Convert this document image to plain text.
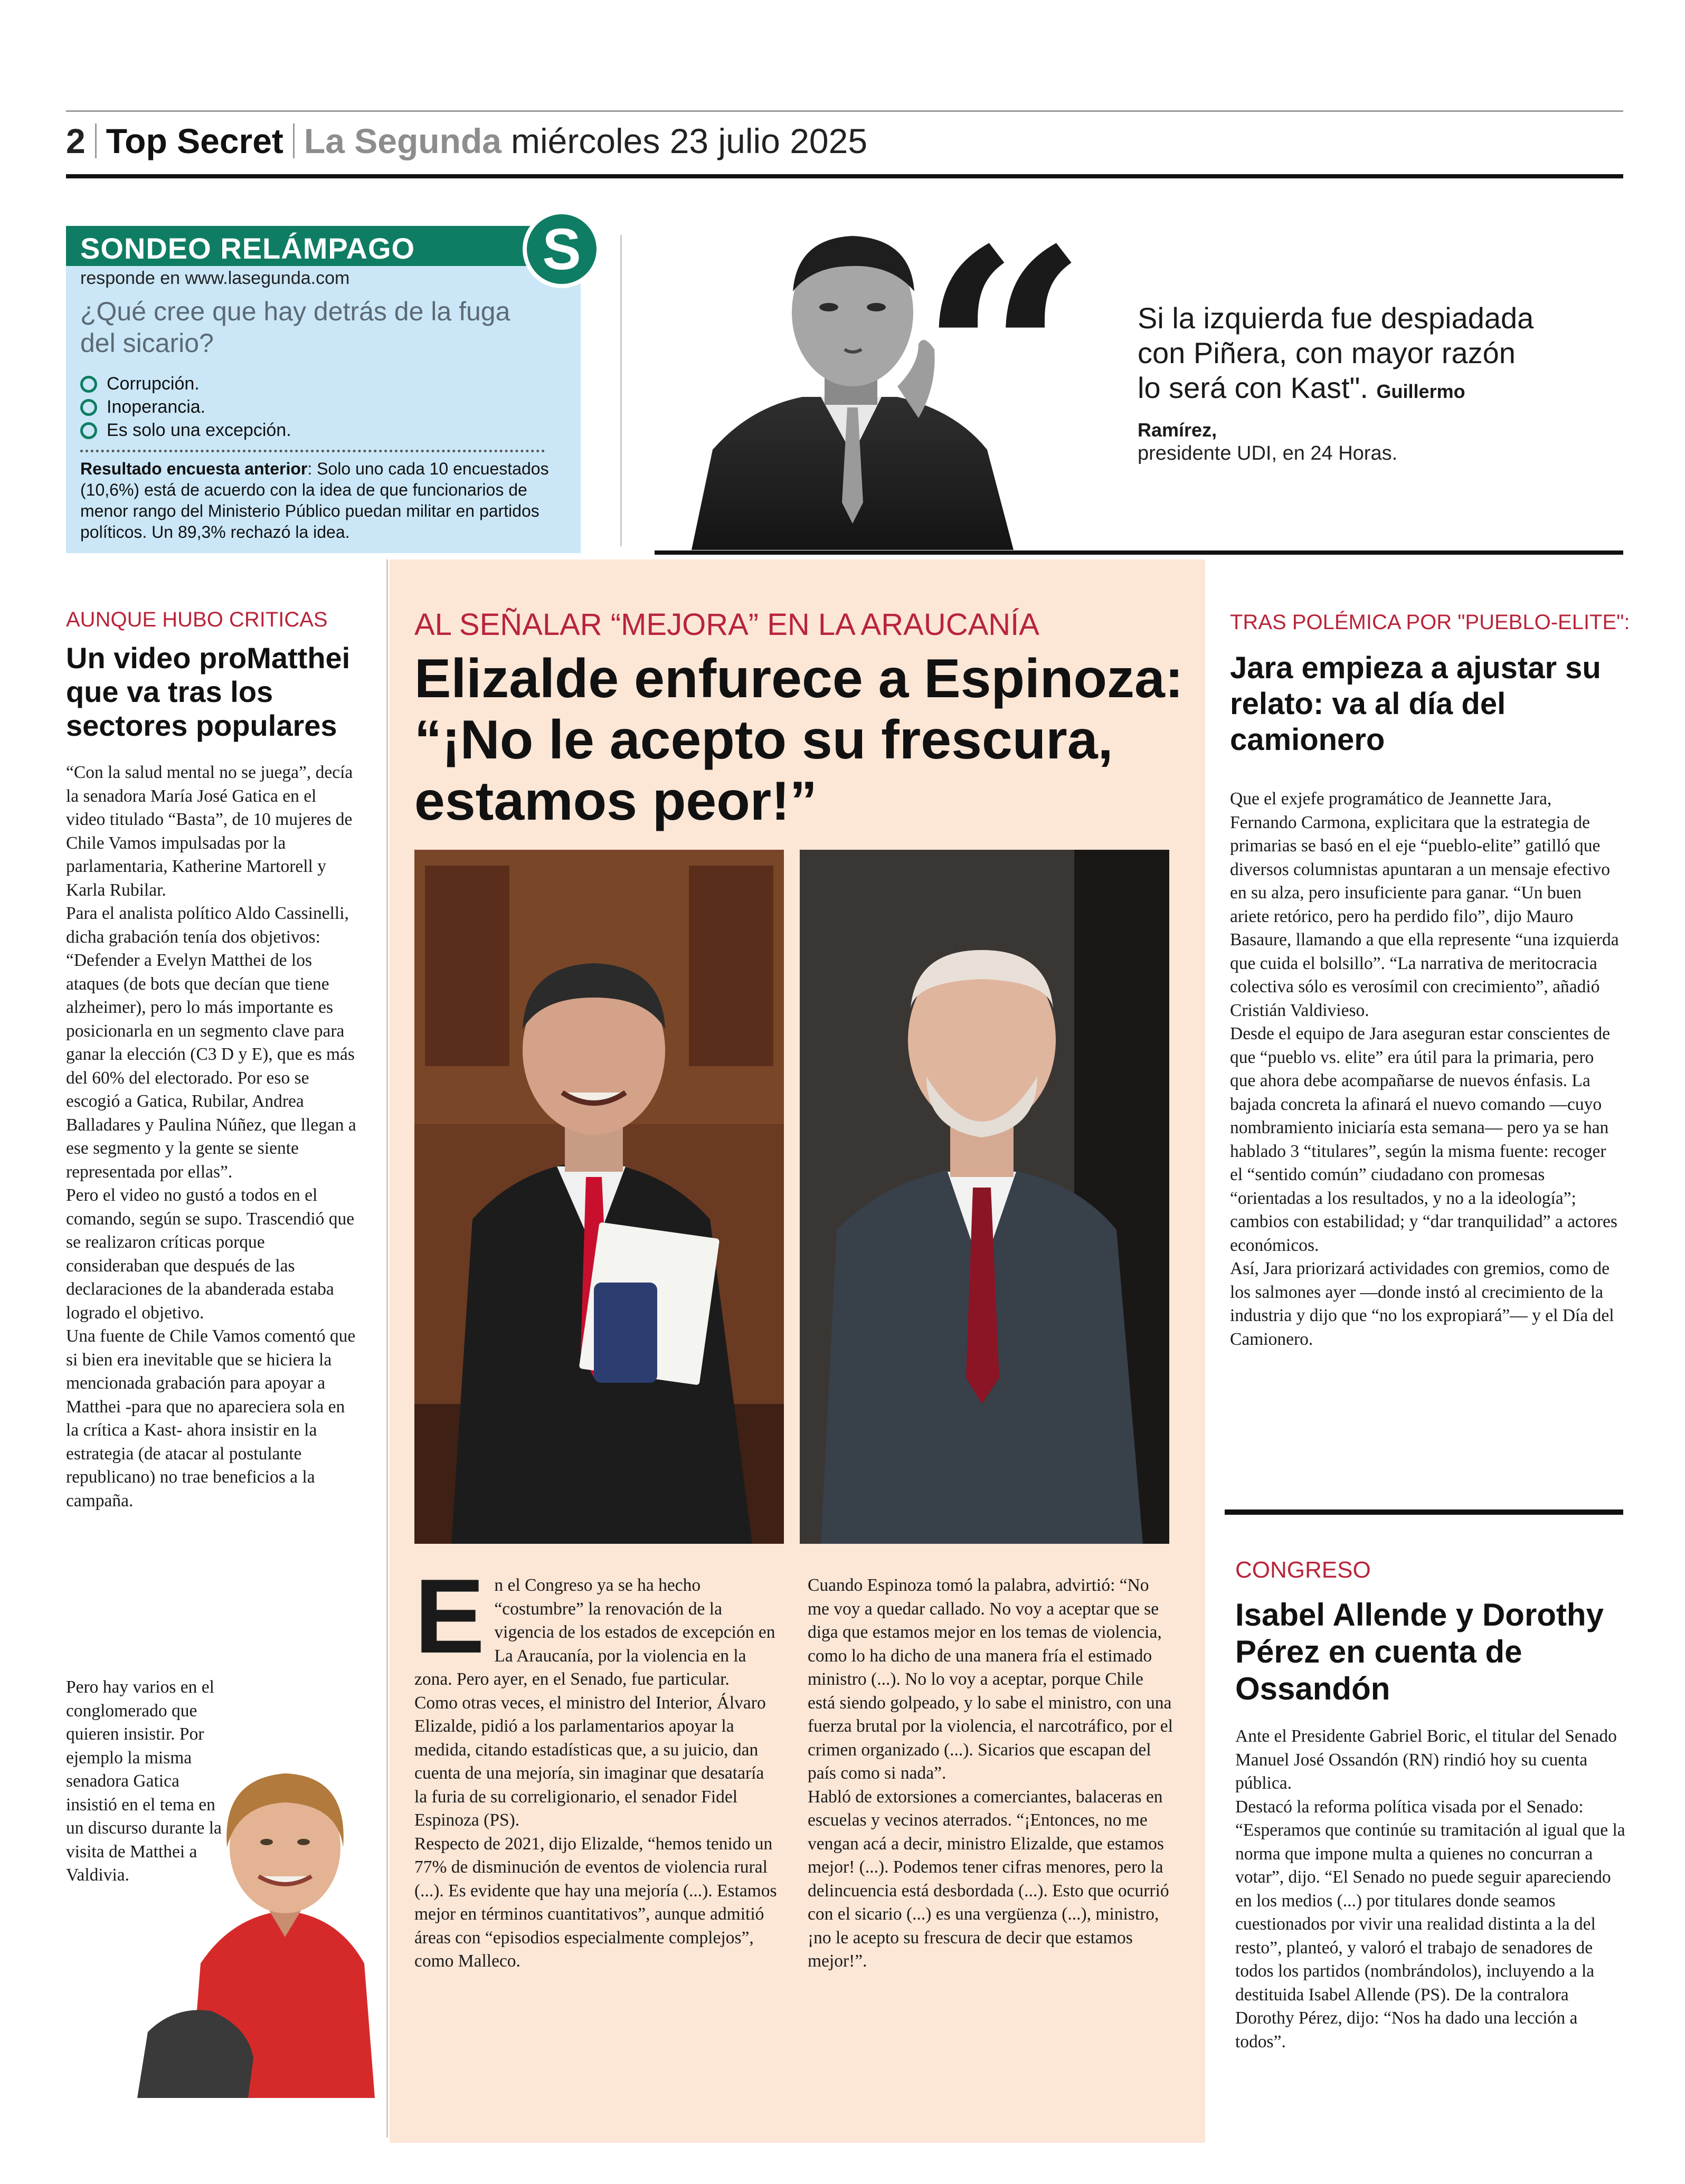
2 Top Secret La Segunda miércoles 23 julio 2025
SONDEO RELÁMPAGO	S
responde en www.lasegunda.com
¿Qué cree que hay detrás de la fuga del sicario?
Corrupción.
Inoperancia.
Es solo una excepción.
Resultado encuesta anterior: Solo uno cada 10 encuestados (10,6%) está de acuerdo con la idea de que funcionarios de menor rango del Ministerio Público puedan militar en partidos políticos. Un 89,3% rechazó la idea.	“ Si la izquierda fue despiadada con Piñera, con mayor razón lo será con Kast". Guillermo Ramírez,
presidente UDI, en 24 Horas.
AUNQUE HUBO CRITICAS
Un video proMatthei que va tras los sectores populares

“Con la salud mental no se juega”, decía la senadora María José Gatica en el video titulado “Basta”, de 10 mujeres de Chile Vamos impulsadas por la parlamentaria, Katherine Martorell y Karla Rubilar.

Para el analista político Aldo Cassinelli, dicha grabación tenía dos objetivos: “Defender a Evelyn Matthei de los ataques (de bots que decían que tiene alzheimer), pero lo más importante es posicionarla en un segmento clave para ganar la elección (C3 D y E), que es más del 60% del electorado. Por eso se escogió a Gatica, Rubilar, Andrea Balladares y Paulina Núñez, que llegan a ese segmento y la gente se siente representada por ellas”.

Pero el video no gustó a todos en el comando, según se supo. Trascendió que se realizaron críticas porque consideraban que después de las declaraciones de la abanderada estaba logrado el objetivo.

Una fuente de Chile Vamos comentó que si bien era inevitable que se hiciera la mencionada grabación para apoyar a Matthei -para que no apareciera sola en la crítica a Kast- ahora insistir en la estrategia (de atacar al postulante republicano) no trae beneficios a la campaña.

Pero hay varios en el conglomerado que quieren insistir. Por ejemplo la misma senadora Gatica insistió en el tema en un discurso durante la visita de Matthei a Valdivia.
AL SEÑALAR “MEJORA” EN LA ARAUCANÍA
Elizalde enfurece a Espinoza: “¡No le acepto su frescura, estamos peor!”
E n el Congreso ya se ha hecho “costumbre” la renovación de la vigencia de los estados de excepción en La Araucanía, por la violencia en la zona. Pero ayer, en el Senado, fue particular.

Como otras veces, el ministro del Interior, Álvaro Elizalde, pidió a los parlamentarios apoyar la medida, citando estadísticas que, a su juicio, dan cuenta de una mejoría, sin imaginar que desataría la furia de su correligionario, el senador Fidel Espinoza (PS).

Respecto de 2021, dijo Elizalde, “hemos tenido un 77% de disminución de eventos de violencia rural (...). Es evidente que hay una mejoría (...). Estamos mejor en términos cuantitativos”, aunque admitió áreas con “episodios especialmente complejos”, como Malleco.

Cuando Espinoza tomó la palabra, advirtió: “No me voy a quedar callado. No voy a aceptar que se diga que estamos mejor en los temas de violencia, como lo ha dicho de una manera fría el estimado ministro (...). No lo voy a aceptar, porque Chile está siendo golpeado, y lo sabe el ministro, con una fuerza brutal por la violencia, el narcotráfico, por el crimen organizado (...). Sicarios que escapan del país como si nada”.

Habló de extorsiones a comerciantes, balaceras en escuelas y vecinos aterrados. “¡Entonces, no me vengan acá a decir, ministro Elizalde, que estamos mejor! (...). Podemos tener cifras menores, pero la delincuencia está desbordada (...). Esto que ocurrió con el sicario (...) es una vergüenza (...), ministro, ¡no le acepto su frescura de decir que estamos mejor!”.

TRAS POLÉMICA POR "PUEBLO-ELITE":
Jara empieza a ajustar su relato: va al día del camionero

Que el exjefe programático de Jeannette Jara, Fernando Carmona, explicitara que la estrategia de primarias se basó en el eje “pueblo-elite” gatilló que diversos columnistas apuntaran a un mensaje efectivo en su alza, pero insuficiente para ganar. “Un buen ariete retórico, pero ha perdido filo”, dijo Mauro Basaure, llamando a que ella represente “una izquierda que cuida el bolsillo”. “La narrativa de meritocracia colectiva sólo es verosímil con crecimiento”, añadió Cristián Valdivieso.

Desde el equipo de Jara aseguran estar conscientes de que “pueblo vs. elite” era útil para la primaria, pero que ahora debe acompañarse de nuevos énfasis. La bajada concreta la afinará el nuevo comando —cuyo nombramiento iniciaría esta semana— pero ya se han hablado 3 “titulares”, según la misma fuente: recoger el “sentido común” ciudadano con promesas “orientadas a los resultados, y no a la ideología”; cambios con estabilidad; y “dar tranquilidad” a actores económicos.

Así, Jara priorizará actividades con gremios, como de los salmones ayer —donde instó al crecimiento de la industria y dijo que “no los expropiará”— y el Día del Camionero.

CONGRESO
Isabel Allende y Dorothy Pérez en cuenta de Ossandón

Ante el Presidente Gabriel Boric, el titular del Senado Manuel José Ossandón (RN) rindió hoy su cuenta pública.

Destacó la reforma política visada por el Senado: “Esperamos que continúe su tramitación al igual que la norma que impone multa a quienes no concurran a votar”, dijo. “El Senado no puede seguir apareciendo en los medios (...) por titulares donde seamos cuestionados por vivir una realidad distinta a la del resto”, planteó, y valoró el trabajo de senadores de todos los partidos (nombrándolos), incluyendo a la destituida Isabel Allende (PS). De la contralora Dorothy Pérez, dijo: “Nos ha dado una lección a todos”.
